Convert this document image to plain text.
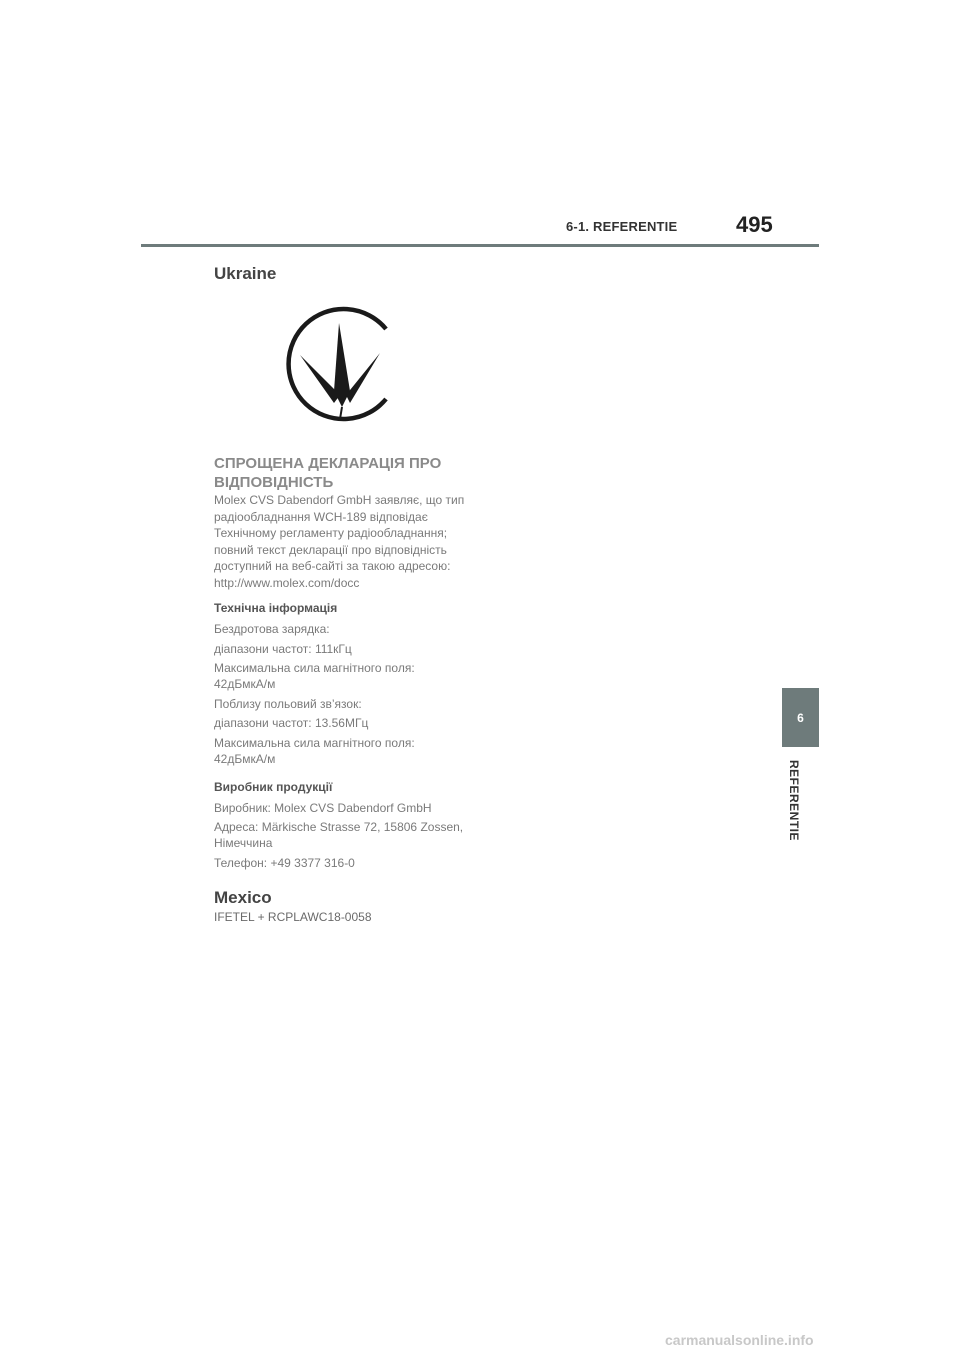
6-1. REFERENTIE	495
6
REFERENTIE
Ukraine
СПРОЩЕНА ДЕКЛАРАЦІЯ ПРО
ВІДПОВІДНІСТЬ
Molex CVS Dabendorf GmbH заявляє, що тип
радіообладнання WCH-189 відповідає
Технічному регламенту радіообладнання;
повний текст декларації про відповідність
доступний на веб-сайті за такою адресою:
http://www.molex.com/docc
Технічна інформація
Бездротова зарядка:
діапазони частот: 111кГц
Максимальна сила магнітного поля:
42дБмкА/м
Поблизу польовий зв’язок:
діапазони частот: 13.56МГц
Максимальна сила магнітного поля:
42дБмкА/м
Виробник продукції
Виробник: Molex CVS Dabendorf GmbH
Адреса: Märkische Strasse 72, 15806 Zossen,
Німеччина
Телефон: +49 3377 316-0
Mexico
IFETEL + RCPLAWC18-0058
carmanualsonline.info
